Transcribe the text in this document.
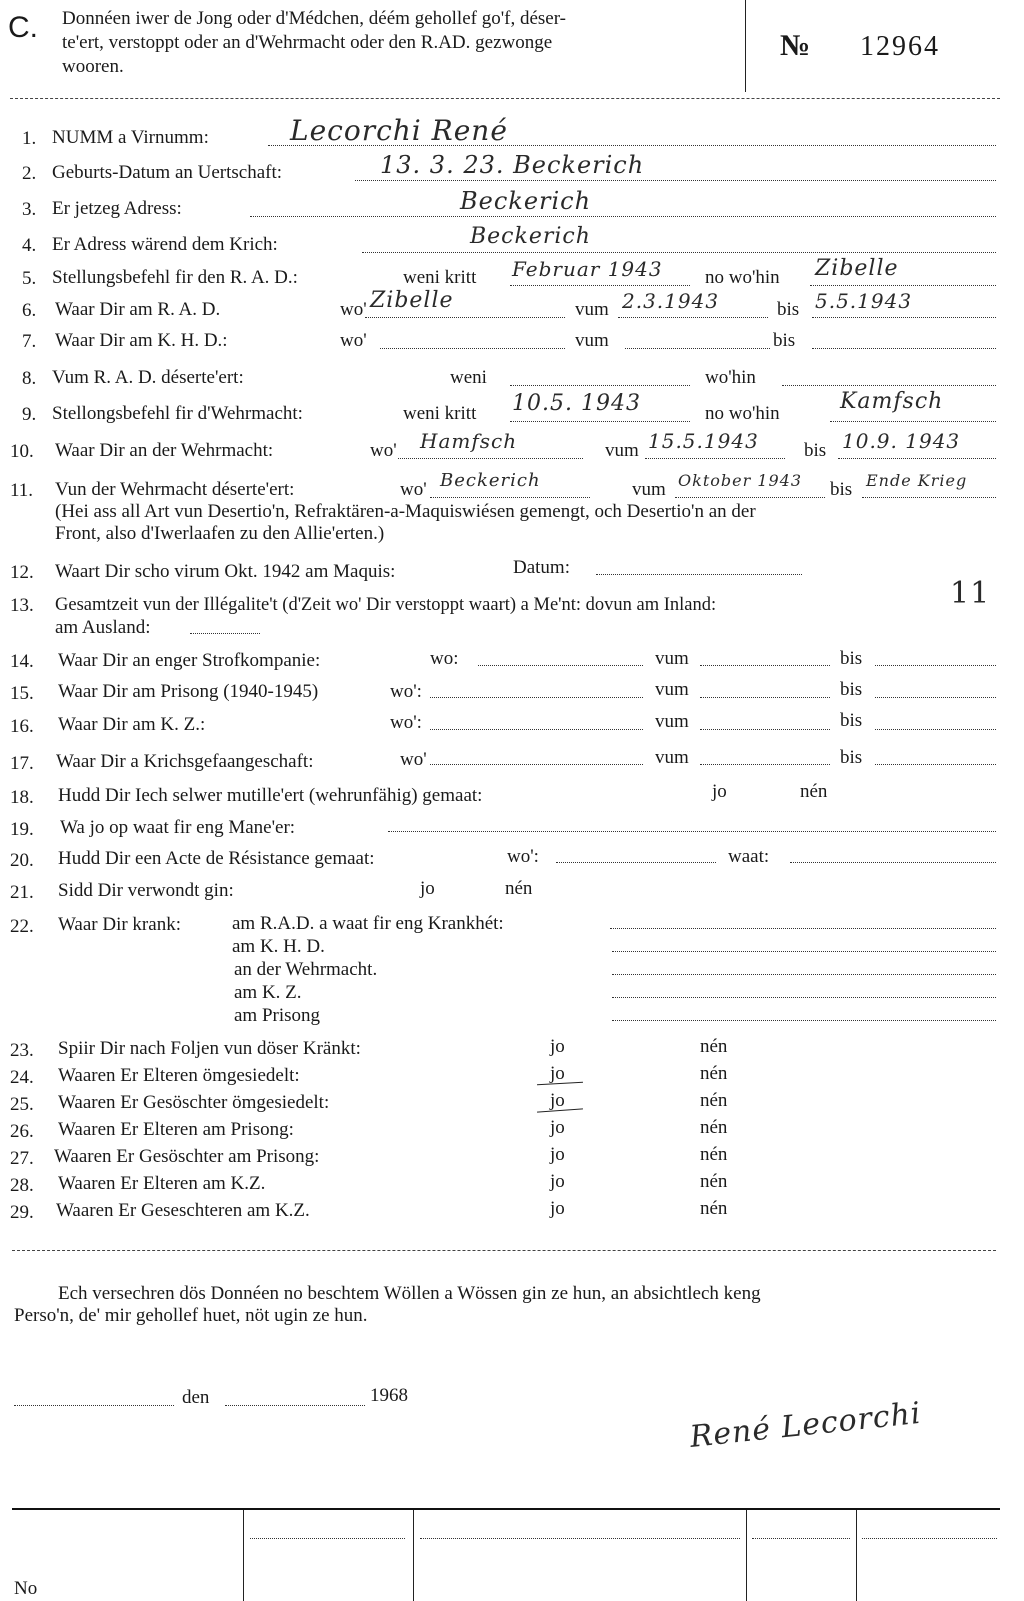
C. Donnéen iwer de Jong oder d'Médchen, déém gehollef go'f, déser-
te'ert, verstoppt oder an d'Wehrmacht oder den R.AD. gezwonge
wooren.
№ 12964
1. NUMM a Virnumm:	Lecorchi René
2. Geburts-Datum an Uertschaft:	13. 3. 23. Beckerich
3. Er jetzeg Adress:	Beckerich
4. Er Adress wärend dem Krich:	Beckerich
5. Stellungsbefehl fir den R. A. D.:	weni kritt Februar 1943 no wo'hin Zibelle
6. Waar Dir am R. A. D.	wo' Zibelle	vum 2.3.1943	bis 5.5.1943
7. Waar Dir am K. H. D.:	wo'	vum	bis
8. Vum R. A. D. déserte'ert:	weni	wo'hin
9. Stellongsbefehl fir d'Wehrmacht:	weni kritt 10.5. 1943	no wo'hin	Kamfsch
10. Waar Dir an der Wehrmacht:	wo' Hamfsch	vum 15.5.1943 bis 10.9. 1943
11. Vun der Wehrmacht déserte'ert:	wo' Beckerich	vum Oktober 1943 bis Ende Krieg
(Hei ass all Art vun Desertio'n, Refraktären-a-Maquiswiésen gemengt, och Desertio'n an der
Front, also d'Iwerlaafen zu den Allie'erten.)
12. Waart Dir scho virum Okt. 1942 am Maquis:	Datum:
13. Gesamtzeit vun der Illégalite't (d'Zeit wo' Dir verstoppt waart) a Me'nt: dovun am Inland:	11
am Ausland:
14. Waar Dir an enger Strofkompanie:	wo:	vum	bis
15. Waar Dir am Prisong (1940-1945)	wo':	vum	bis
16. Waar Dir am K. Z.:	wo':	vum	bis
17. Waar Dir a Krichsgefaangeschaft:	wo'	vum	bis
18. Hudd Dir Iech selwer mutille'ert (wehrunfähig) gemaat:	jo	nén
19. Wa jo op waat fir eng Mane'er:
20. Hudd Dir een Acte de Résistance gemaat:	wo':	waat:
21. Sidd Dir verwondt gin:	jo	nén
22. Waar Dir krank:	am R.A.D. a waat fir eng Krankhét:
am K. H. D.
an der Wehrmacht.
am K. Z.
am Prisong
23. Spiir Dir nach Foljen vun döser Kränkt:	jo	nén
24. Waaren Er Elteren ömgesiedelt:	jo	nén
25. Waaren Er Gesöschter ömgesiedelt:	jo	nén
26. Waaren Er Elteren am Prisong:	jo	nén
27. Waaren Er Gesöschter am Prisong:	jo	nén
28. Waaren Er Elteren am K.Z.	jo	nén
29. Waaren Er Geseschteren am K.Z.	jo	nén
Ech versechren dös Donnéen no beschtem Wöllen a Wössen gin ze hun, an absichtlech keng
Perso'n, de' mir gehollef huet, nöt ugin ze hun.
den	1968
René Lecorchi
No
